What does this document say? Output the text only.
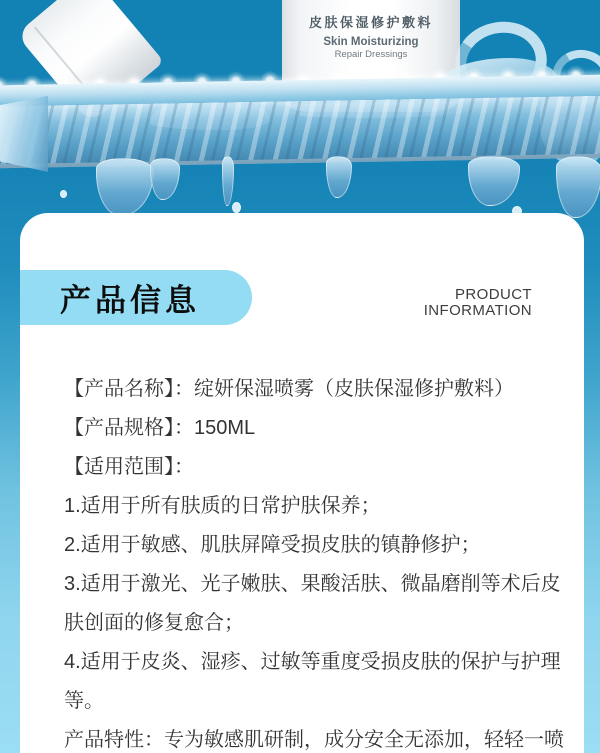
皮肤保湿修护敷料
Skin Moisturizing
Repair Dressings
产品信息	PRODUCT
INFORMATION

【产品名称】：绽妍保湿喷雾（皮肤保湿修护敷料）

【产品规格】：150ML

【适用范围】：

1.适用于所有肤质的日常护肤保养；

2.适用于敏感、肌肤屏障受损皮肤的镇静修护；

3.适用于激光、光子嫩肤、果酸活肤、微晶磨削等术后皮肤创面的修复愈合；

4.适用于皮炎、湿疹、过敏等重度受损皮肤的保护与护理等。

产品特性：专为敏感肌研制，成分安全无添加，轻轻一喷
